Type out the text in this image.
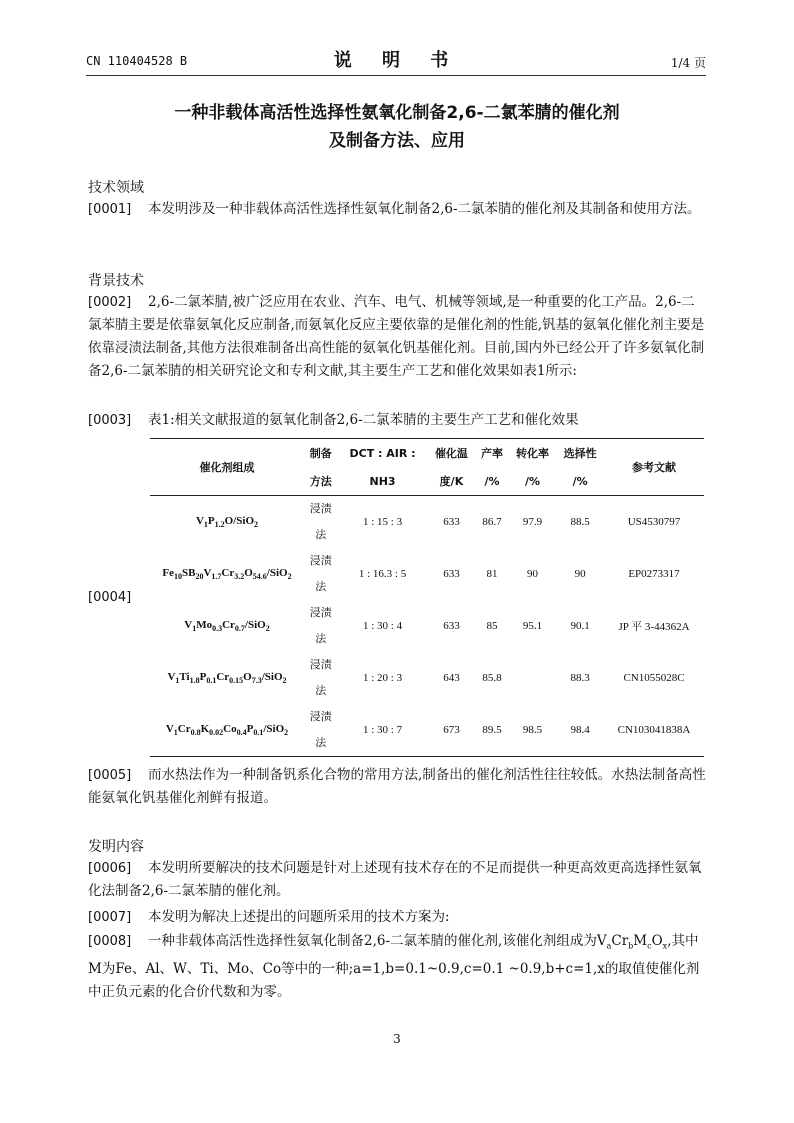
CN 110404528 B	说 明 书	1/4 页
一种非载体高活性选择性氨氧化制备2,6-二氯苯腈的催化剂
及制备方法、应用
技术领域
[0001]	本发明涉及一种非载体高活性选择性氨氧化制备2,6-二氯苯腈的催化剂及其制备和使用方法。
背景技术
[0002]	2,6-二氯苯腈,被广泛应用在农业、汽车、电气、机械等领域,是一种重要的化工产品。2,6-二氯苯腈主要是依靠氨氧化反应制备,而氨氧化反应主要依靠的是催化剂的性能,钒基的氨氧化催化剂主要是依靠浸渍法制备,其他方法很难制备出高性能的氨氧化钒基催化剂。目前,国内外已经公开了许多氨氧化制备2,6-二氯苯腈的相关研究论文和专利文献,其主要生产工艺和催化效果如表1所示:
[0003]	表1:相关文献报道的氨氧化制备2,6-二氯苯腈的主要生产工艺和催化效果
[0004]
催化剂组成	制备	DCT : AIR :	催化温	产率	转化率	选择性	参考文献
	方法	NH3	度/K	/%	/%	/%	
$V_1P_{1.2}O/SiO_2$	浸渍
法	1 : 15 : 3	633	86.7	97.9	88.5	US4530797
$Fe_{10}SB_{20}V_{1.7}Cr_{3.2}O_{54.6}/SiO_2$	浸渍
法	1 : 16.3 : 5	633	81	90	90	EP0273317
$V_1Mo_{0.3}Cr_{0.7}/SiO_2$	浸渍
法	1 : 30 : 4	633	85	95.1	90.1	JP 平 3-44362A
$V_1Ti_{1.8}P_{0.1}Cr_{0.15}O_{7.3}/SiO_2$	浸渍
法	1 : 20 : 3	643	85.8		88.3	CN1055028C
$V_1Cr_{0.8}K_{0.02}Co_{0.4}P_{0.1}/SiO_2$	浸渍
法	1 : 30 : 7	673	89.5	98.5	98.4	CN103041838A
[0005]	而水热法作为一种制备钒系化合物的常用方法,制备出的催化剂活性往往较低。水热法制备高性能氨氧化钒基催化剂鲜有报道。
发明内容
[0006]	本发明所要解决的技术问题是针对上述现有技术存在的不足而提供一种更高效更高选择性氨氧化法制备2,6-二氯苯腈的催化剂。
[0007]	本发明为解决上述提出的问题所采用的技术方案为:
[0008]	一种非载体高活性选择性氨氧化制备2,6-二氯苯腈的催化剂,该催化剂组成为$V_aCr_bM_cO_x$,其中M为Fe、Al、W、Ti、Mo、Co等中的一种;a=1,b=0.1~0.9,c=0.1 ~0.9,b+c=1,x的取值使催化剂中正负元素的化合价代数和为零。
3
